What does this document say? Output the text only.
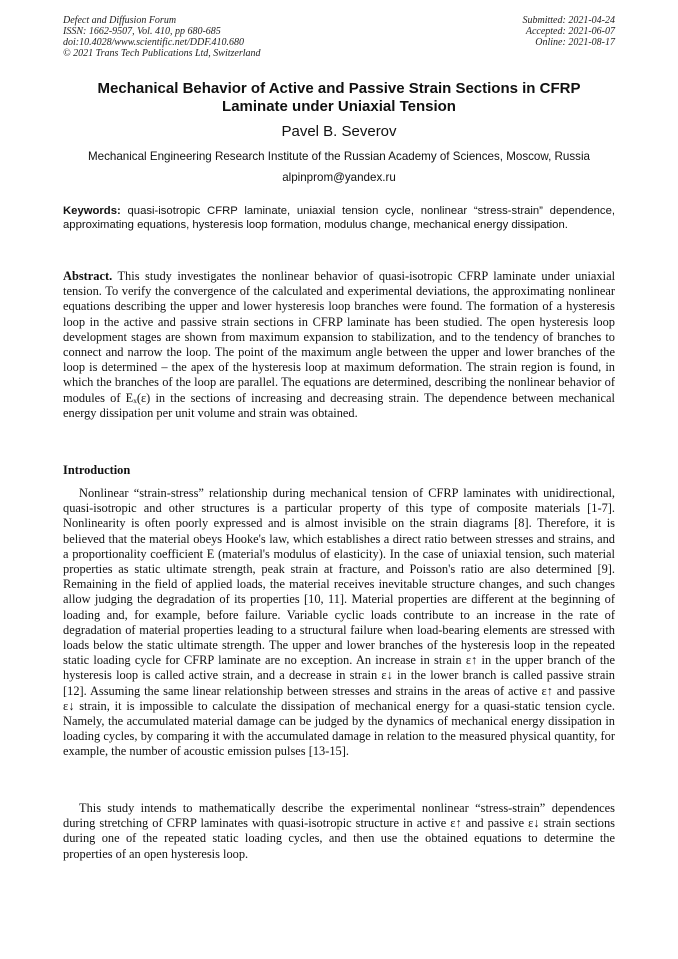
Defect and Diffusion Forum
ISSN: 1662-9507, Vol. 410, pp 680-685
doi:10.4028/www.scientific.net/DDF.410.680
© 2021 Trans Tech Publications Ltd, Switzerland
Submitted: 2021-04-24
Accepted: 2021-06-07
Online: 2021-08-17
Mechanical Behavior of Active and Passive Strain Sections in CFRP Laminate under Uniaxial Tension
Pavel B. Severov
Mechanical Engineering Research Institute of the Russian Academy of Sciences, Moscow, Russia
alpinprom@yandex.ru
Keywords: quasi-isotropic CFRP laminate, uniaxial tension cycle, nonlinear “stress-strain” dependence, approximating equations, hysteresis loop formation, modulus change, mechanical energy dissipation.
Abstract. This study investigates the nonlinear behavior of quasi-isotropic CFRP laminate under uniaxial tension. To verify the convergence of the calculated and experimental deviations, the approximating nonlinear equations describing the upper and lower hysteresis loop branches were found. The formation of a hysteresis loop in the active and passive strain sections in CFRP laminate has been studied. The open hysteresis loop development stages are shown from maximum expansion to stabilization, and to the tendency of branches to connect and narrow the loop. The point of the maximum angle between the upper and lower branches of the loop is determined – the apex of the hysteresis loop at maximum deformation. The strain region is found, in which the branches of the loop are parallel. The equations are determined, describing the nonlinear behavior of modules of Eₓ(ε) in the sections of increasing and decreasing strain. The dependence between mechanical energy dissipation per unit volume and strain was obtained.
Introduction

Nonlinear “strain-stress” relationship during mechanical tension of CFRP laminates with unidirectional, quasi-isotropic and other structures is a particular property of this type of composite materials [1-7]. Nonlinearity is often poorly expressed and is almost invisible on the strain diagrams [8]. Therefore, it is believed that the material obeys Hooke's law, which establishes a direct ratio between stresses and strains, and a proportionality coefficient E (material's modulus of elasticity). In the case of uniaxial tension, such material properties as static ultimate strength, peak strain at fracture, and Poisson's ratio are also determined [9]. Remaining in the field of applied loads, the material receives inevitable structure changes, and such changes allow judging the degradation of its properties [10, 11]. Material properties are different at the beginning of loading and, for example, before failure. Variable cyclic loads contribute to an increase in the rate of degradation of material properties leading to a structural failure when load-bearing elements are stressed with loads below the static ultimate strength. The upper and lower branches of the hysteresis loop in the repeated static loading cycle for CFRP laminate are no exception. An increase in strain ε↑ in the upper branch of the hysteresis loop is called active strain, and a decrease in strain ε↓ in the lower branch is called passive strain [12]. Assuming the same linear relationship between stresses and strains in the areas of active ε↑ and passive ε↓ strain, it is impossible to calculate the dissipation of mechanical energy for a quasi-static tension cycle. Namely, the accumulated material damage can be judged by the dynamics of mechanical energy dissipation in loading cycles, by comparing it with the accumulated damage in relation to the measured physical quantity, for example, the number of acoustic emission pulses [13-15].

This study intends to mathematically describe the experimental nonlinear “stress-strain” dependences during stretching of CFRP laminates with quasi-isotropic structure in active ε↑ and passive ε↓ strain sections during one of the repeated static loading cycles, and then use the obtained equations to determine the properties of an open hysteresis loop.
